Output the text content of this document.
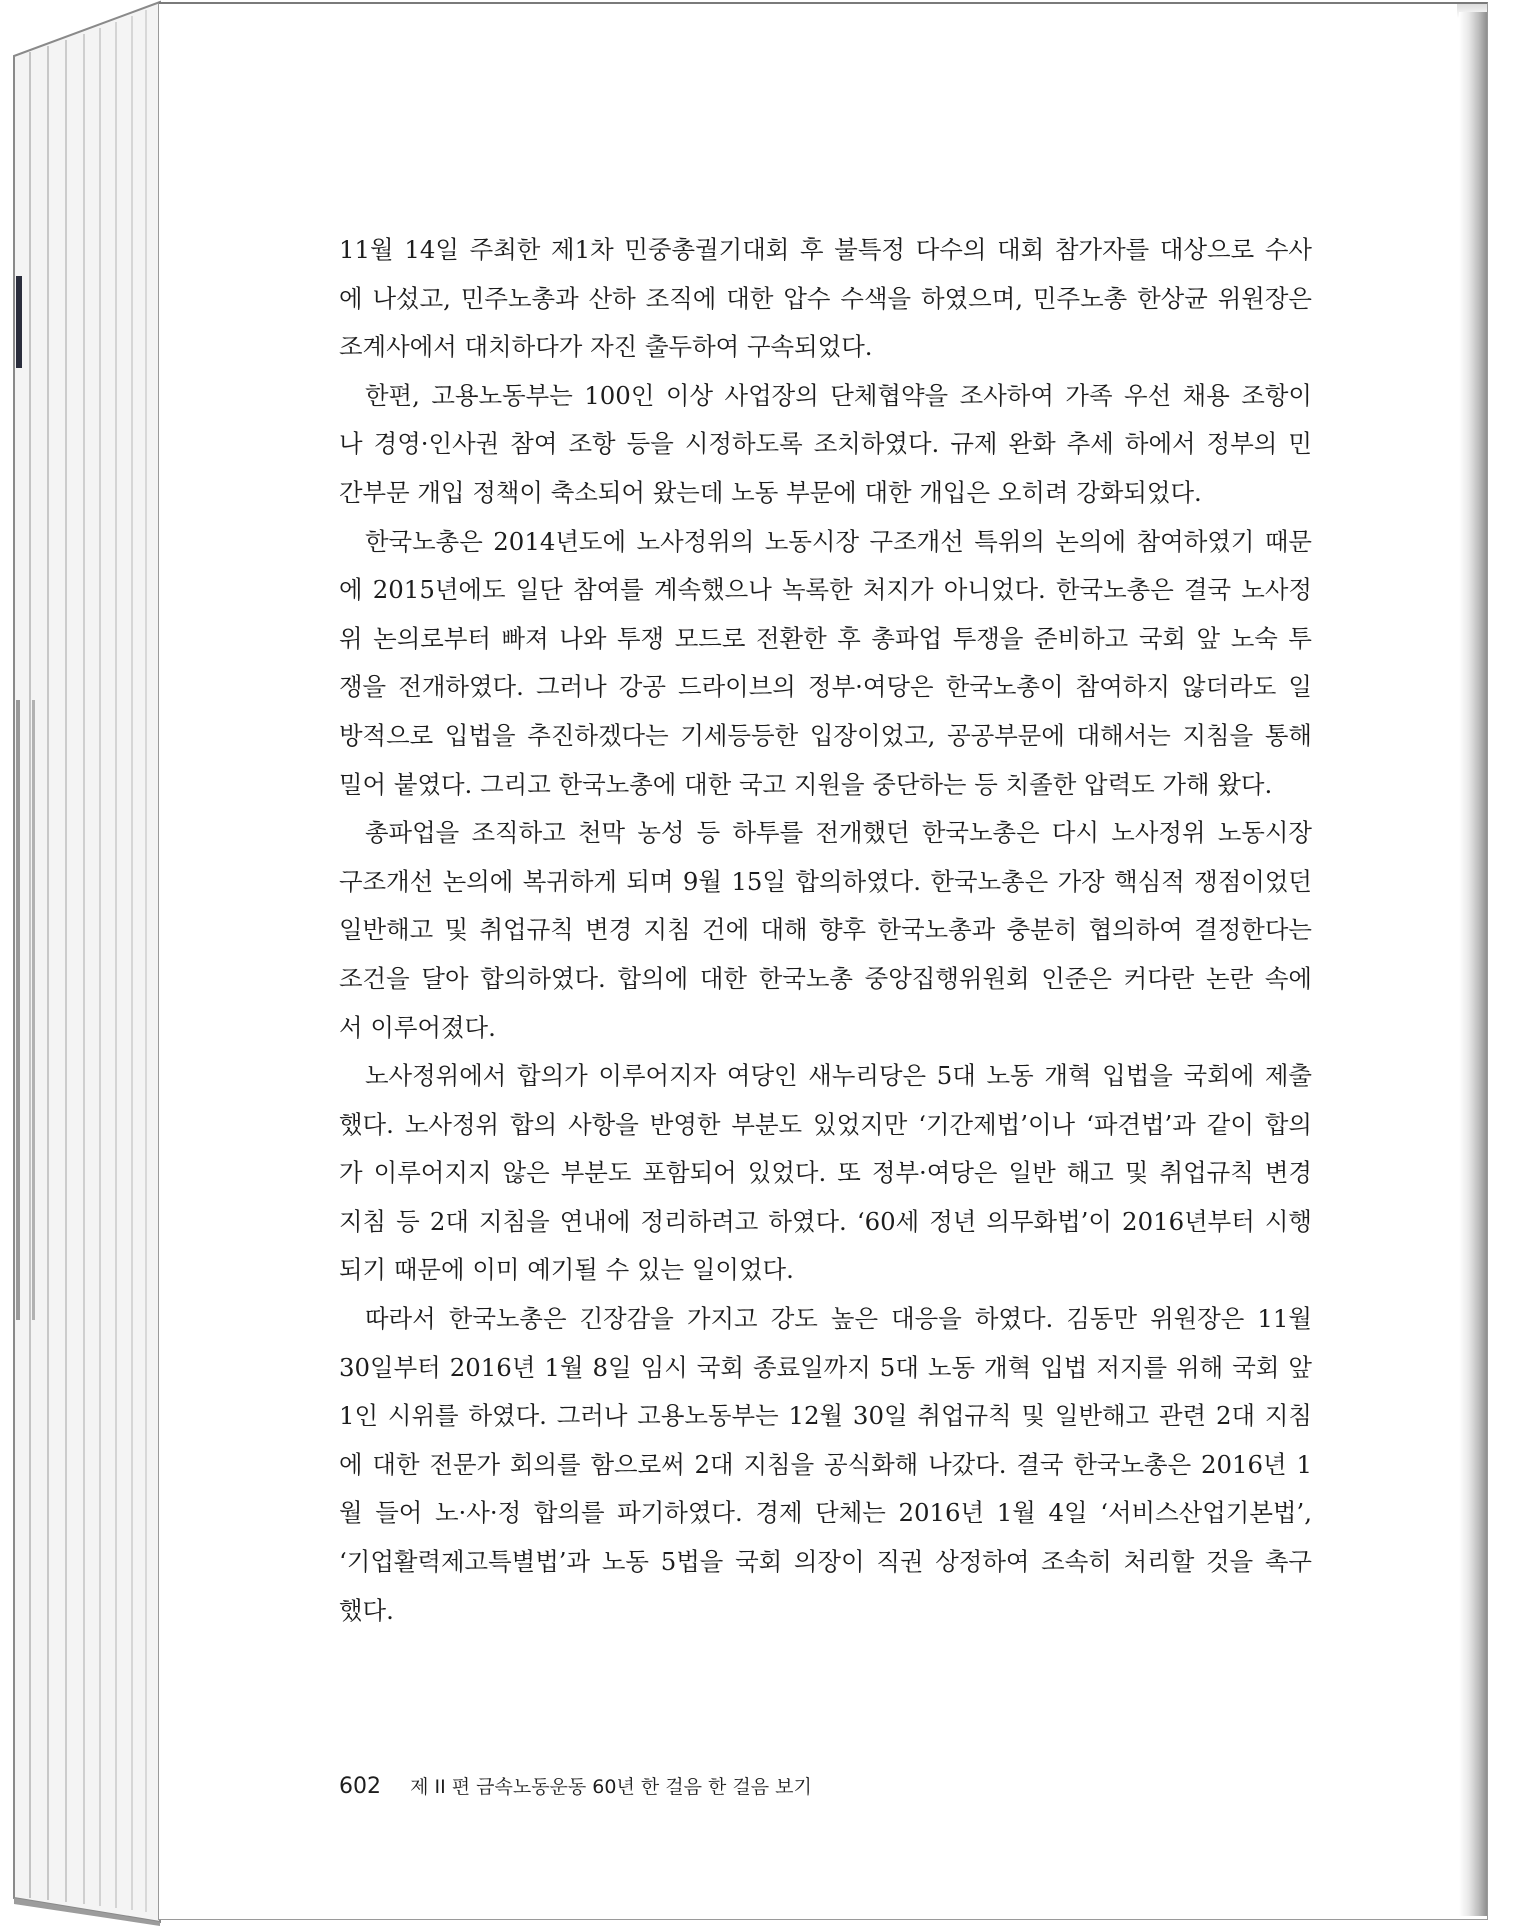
11월 14일 주최한 제1차 민중총궐기대회 후 불특정 다수의 대회 참가자를 대상으로 수사
에 나섰고, 민주노총과 산하 조직에 대한 압수 수색을 하였으며, 민주노총 한상균 위원장은
조계사에서 대치하다가 자진 출두하여 구속되었다.
한편, 고용노동부는 100인 이상 사업장의 단체협약을 조사하여 가족 우선 채용 조항이
나 경영·인사권 참여 조항 등을 시정하도록 조치하였다. 규제 완화 추세 하에서 정부의 민
간부문 개입 정책이 축소되어 왔는데 노동 부문에 대한 개입은 오히려 강화되었다.
한국노총은 2014년도에 노사정위의 노동시장 구조개선 특위의 논의에 참여하였기 때문
에 2015년에도 일단 참여를 계속했으나 녹록한 처지가 아니었다. 한국노총은 결국 노사정
위 논의로부터 빠져 나와 투쟁 모드로 전환한 후 총파업 투쟁을 준비하고 국회 앞 노숙 투
쟁을 전개하였다. 그러나 강공 드라이브의 정부·여당은 한국노총이 참여하지 않더라도 일
방적으로 입법을 추진하겠다는 기세등등한 입장이었고, 공공부문에 대해서는 지침을 통해
밀어 붙였다. 그리고 한국노총에 대한 국고 지원을 중단하는 등 치졸한 압력도 가해 왔다.
총파업을 조직하고 천막 농성 등 하투를 전개했던 한국노총은 다시 노사정위 노동시장
구조개선 논의에 복귀하게 되며 9월 15일 합의하였다. 한국노총은 가장 핵심적 쟁점이었던
일반해고 및 취업규칙 변경 지침 건에 대해 향후 한국노총과 충분히 협의하여 결정한다는
조건을 달아 합의하였다. 합의에 대한 한국노총 중앙집행위원회 인준은 커다란 논란 속에
서 이루어졌다.
노사정위에서 합의가 이루어지자 여당인 새누리당은 5대 노동 개혁 입법을 국회에 제출
했다. 노사정위 합의 사항을 반영한 부분도 있었지만 ‘기간제법’이나 ‘파견법’과 같이 합의
가 이루어지지 않은 부분도 포함되어 있었다. 또 정부·여당은 일반 해고 및 취업규칙 변경
지침 등 2대 지침을 연내에 정리하려고 하였다. ‘60세 정년 의무화법’이 2016년부터 시행
되기 때문에 이미 예기될 수 있는 일이었다.
따라서 한국노총은 긴장감을 가지고 강도 높은 대응을 하였다. 김동만 위원장은 11월
30일부터 2016년 1월 8일 임시 국회 종료일까지 5대 노동 개혁 입법 저지를 위해 국회 앞
1인 시위를 하였다. 그러나 고용노동부는 12월 30일 취업규칙 및 일반해고 관련 2대 지침
에 대한 전문가 회의를 함으로써 2대 지침을 공식화해 나갔다. 결국 한국노총은 2016년 1
월 들어 노·사·정 합의를 파기하였다. 경제 단체는 2016년 1월 4일 ‘서비스산업기본법’,
‘기업활력제고특별법’과 노동 5법을 국회 의장이 직권 상정하여 조속히 처리할 것을 촉구
했다.
602 제 II 편 금속노동운동 60년 한 걸음 한 걸음 보기
